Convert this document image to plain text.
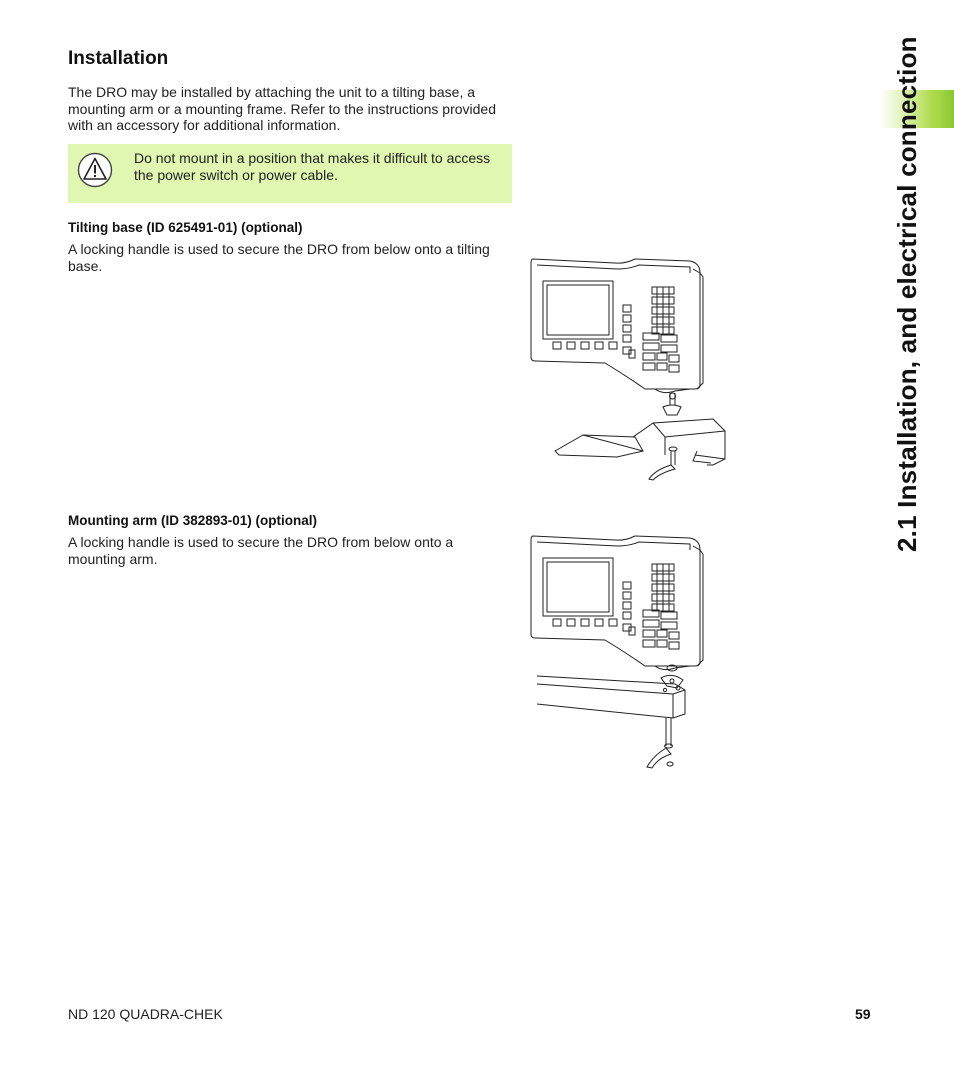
Installation

The DRO may be installed by attaching the unit to a tilting base, a mounting arm or a mounting frame. Refer to the instructions provided with an accessory for additional information.

Do not mount in a position that makes it difficult to access the power switch or power cable.

Tilting base (ID 625491-01) (optional)

A locking handle is used to secure the DRO from below onto a tilting base.

Mounting arm (ID 382893-01) (optional)

A locking handle is used to secure the DRO from below onto a mounting arm.

2.1 Installation, and electrical connection

ND 120 QUADRA-CHEK	59
